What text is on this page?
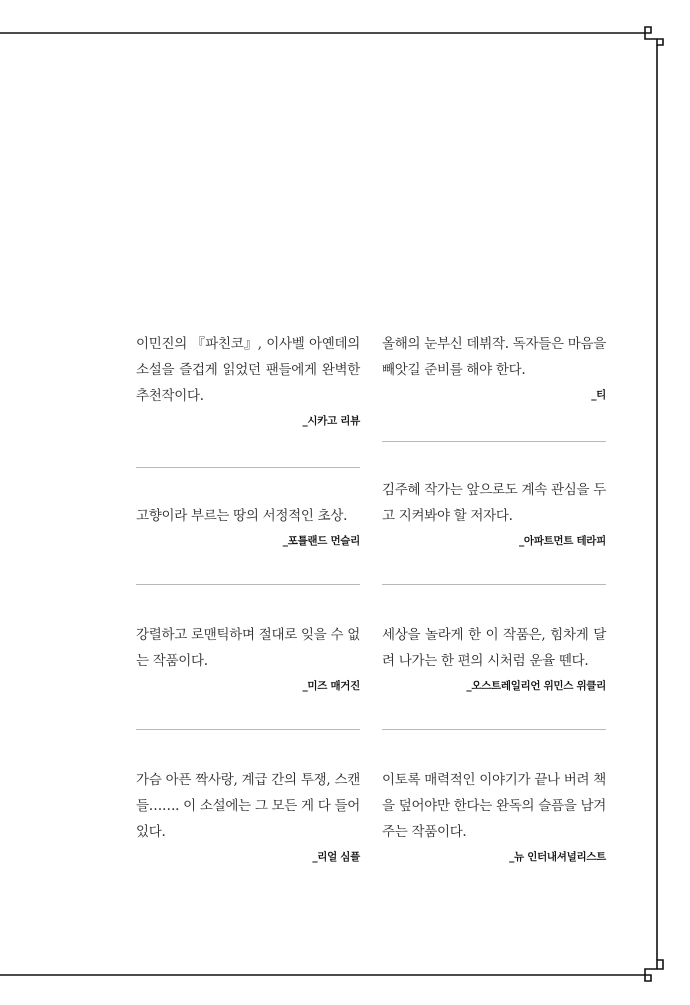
이민진의 『파친코』, 이사벨 아옌데의 소설을 즐겁게 읽었던 팬들에게 완벽한 추천작이다.

_시카고 리뷰

고향이라 부르는 땅의 서정적인 초상.

_포틀랜드 먼슬리

강렬하고 로맨틱하며 절대로 잊을 수 없는 작품이다.

_미즈 매거진

가슴 아픈 짝사랑, 계급 간의 투쟁, 스캔들……. 이 소설에는 그 모든 게 다 들어 있다.

_리얼 심플

올해의 눈부신 데뷔작. 독자들은 마음을 빼앗길 준비를 해야 한다.

_티

김주혜 작가는 앞으로도 계속 관심을 두고 지켜봐야 할 저자다.

_아파트먼트 테라피

세상을 놀라게 한 이 작품은, 힘차게 달려 나가는 한 편의 시처럼 운율 뗀다.

_오스트레일리언 위민스 위클리

이토록 매력적인 이야기가 끝나 버려 책을 덮어야만 한다는 완독의 슬픔을 남겨주는 작품이다.

_뉴 인터내셔널리스트
